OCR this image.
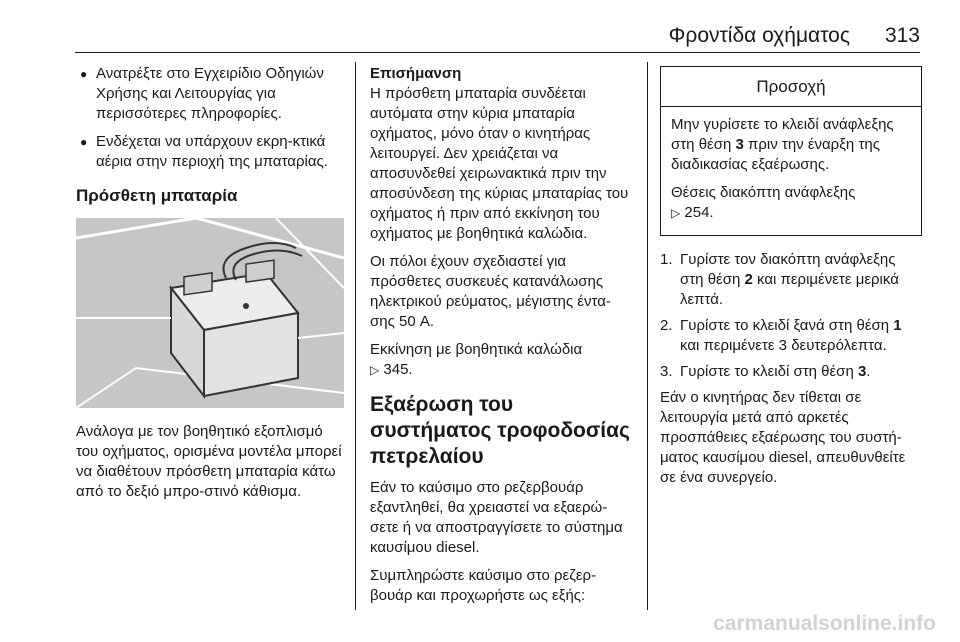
Φροντίδα οχήματος 313
● Ανατρέξτε στο Εγχειρίδιο Οδηγιών Χρήσης και Λειτουργίας για περισσότερες πληροφορίες.
● Ενδέχεται να υπάρχουν εκρη-κτικά αέρια στην περιοχή της μπαταρίας.
Πρόσθετη μπαταρία

Ανάλογα με τον βοηθητικό εξοπλισμό του οχήματος, ορισμένα μοντέλα μπορεί να διαθέτουν πρόσθετη μπαταρία κάτω από το δεξιό μπρο-στινό κάθισμα.

Επισήμανση

Η πρόσθετη μπαταρία συνδέεται αυτόματα στην κύρια μπαταρία οχήματος, μόνο όταν ο κινητήρας λειτουργεί. Δεν χρειάζεται να αποσυνδεθεί χειρωνακτικά πριν την αποσύνδεση της κύριας μπαταρίας του οχήματος ή πριν από εκκίνηση του οχήματος με βοηθητικά καλώδια.

Οι πόλοι έχουν σχεδιαστεί για πρόσθετες συσκευές κατανάλωσης ηλεκτρικού ρεύματος, μέγιστης έντα-σης 50 A.

Εκκίνηση με βοηθητικά καλώδια
▷ 345.

Εξαέρωση του συστήματος τροφοδοσίας πετρελαίου

Εάν το καύσιμο στο ρεζερβουάρ εξαντληθεί, θα χρειαστεί να εξαερώ-σετε ή να αποστραγγίσετε το σύστημα καυσίμου diesel.

Συμπληρώστε καύσιμο στο ρεζερ-βουάρ και προχωρήστε ως εξής:

Προσοχή

Μην γυρίσετε το κλειδί ανάφλεξης στη θέση 3 πριν την έναρξη της διαδικασίας εξαέρωσης.

Θέσεις διακόπτη ανάφλεξης
▷ 254.

1. Γυρίστε τον διακόπτη ανάφλεξης στη θέση 2 και περιμένετε μερικά λεπτά.
2. Γυρίστε το κλειδί ξανά στη θέση 1 και περιμένετε 3 δευτερόλεπτα.
3. Γυρίστε το κλειδί στη θέση 3.

Εάν ο κινητήρας δεν τίθεται σε λειτουργία μετά από αρκετές προσπάθειες εξαέρωσης του συστή-ματος καυσίμου diesel, απευθυνθείτε σε ένα συνεργείο.

carmanualsonline.info
